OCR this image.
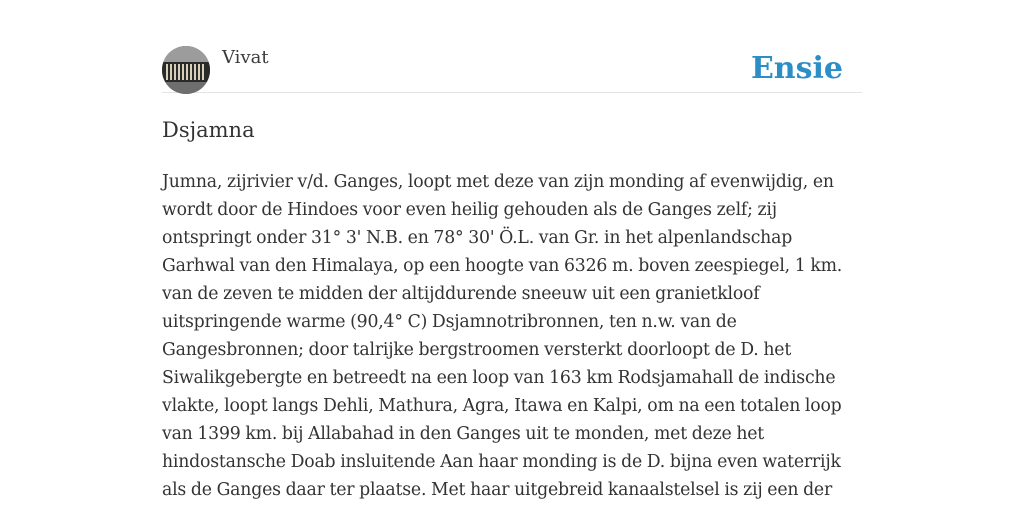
Vivat	Ensie
Dsjamna

Jumna, zijrivier v/d. Ganges, loopt met deze van zijn monding af evenwijdig, en wordt door de Hindoes voor even heilig gehouden als de Ganges zelf; zij ontspringt onder 31° 3' N.B. en 78° 30' Ö.L. van Gr. in het alpenlandschap Garhwal van den Himalaya, op een hoogte van 6326 m. boven zeespiegel, 1 km. van de zeven te midden der altijddurende sneeuw uit een granietkloof uitspringende warme (90,4° C) Dsjamnotribronnen, ten n.w. van de Gangesbronnen; door talrijke bergstroomen versterkt doorloopt de D. het Siwalikgebergte en betreedt na een loop van 163 km Rodsjamahall de indische vlakte, loopt langs Dehli, Mathura, Agra, Itawa en Kalpi, om na een totalen loop van 1399 km. bij Allabahad in den Ganges uit te monden, met deze het hindostansche Doab insluitende Aan haar monding is de D. bijna even waterrijk als de Ganges daar ter plaatse. Met haar uitgebreid kanaalstelsel is zij een der
